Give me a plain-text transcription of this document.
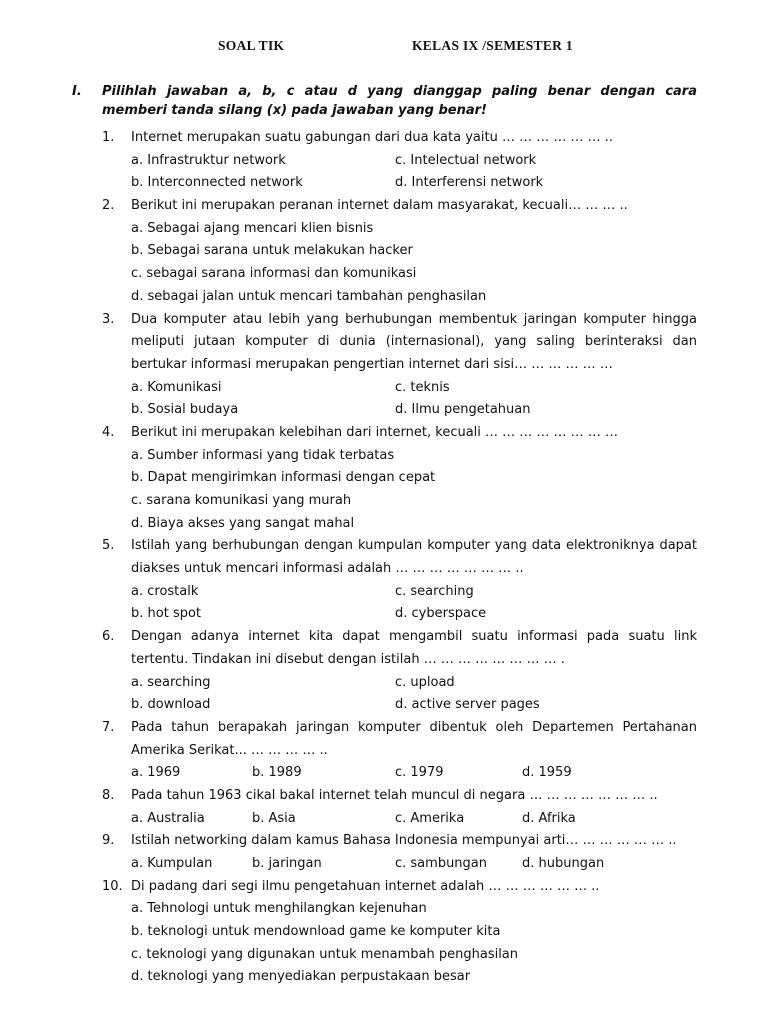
SOAL TIK	KELAS IX /SEMESTER 1
I. Pilihlah jawaban a, b, c atau d yang dianggap paling benar dengan cara memberi tanda silang (x) pada jawaban yang benar!
1. Internet merupakan suatu gabungan dari dua kata yaitu … … … … … … ..
a. Infrastruktur network	c. Intelectual network
b. Interconnected network	d. Interferensi network
2. Berikut ini merupakan peranan internet dalam masyarakat, kecuali… … … ..
a. Sebagai ajang mencari klien bisnis
b. Sebagai sarana untuk melakukan hacker
c. sebagai sarana informasi dan komunikasi
d. sebagai jalan untuk mencari tambahan penghasilan
3. Dua komputer atau lebih yang berhubungan membentuk jaringan komputer hingga
meliputi jutaan komputer di dunia (internasional), yang saling berinteraksi dan
bertukar informasi merupakan pengertian internet dari sisi… … … … … …
a. Komunikasi	c. teknis
b. Sosial budaya	d. Ilmu pengetahuan
4. Berikut ini merupakan kelebihan dari internet, kecuali … … … … … … … …
a. Sumber informasi yang tidak terbatas
b. Dapat mengirimkan informasi dengan cepat
c. sarana komunikasi yang murah
d. Biaya akses yang sangat mahal
5. Istilah yang berhubungan dengan kumpulan komputer yang data elektroniknya dapat
diakses untuk mencari informasi adalah … … … … … … … ..
a. crostalk	c. searching
b. hot spot	d. cyberspace
6. Dengan adanya internet kita dapat mengambil suatu informasi pada suatu link
tertentu. Tindakan ini disebut dengan istilah … … … … … … … … .
a. searching	c. upload
b. download	d. active server pages
7. Pada tahun berapakah jaringan komputer dibentuk oleh Departemen Pertahanan
Amerika Serikat... … … … … ..
a. 1969	b. 1989	c. 1979	d. 1959
8. Pada tahun 1963 cikal bakal internet telah muncul di negara … … … … … … … ..
a. Australia	b. Asia	c. Amerika	d. Afrika
9. Istilah networking dalam kamus Bahasa Indonesia mempunyai arti… … … … … … ..
a. Kumpulan	b. jaringan	c. sambungan	d. hubungan
10. Di padang dari segi ilmu pengetahuan internet adalah … … … … … … ..
a. Tehnologi untuk menghilangkan kejenuhan
b. teknologi untuk mendownload game ke komputer kita
c. teknologi yang digunakan untuk menambah penghasilan
d. teknologi yang menyediakan perpustakaan besar
